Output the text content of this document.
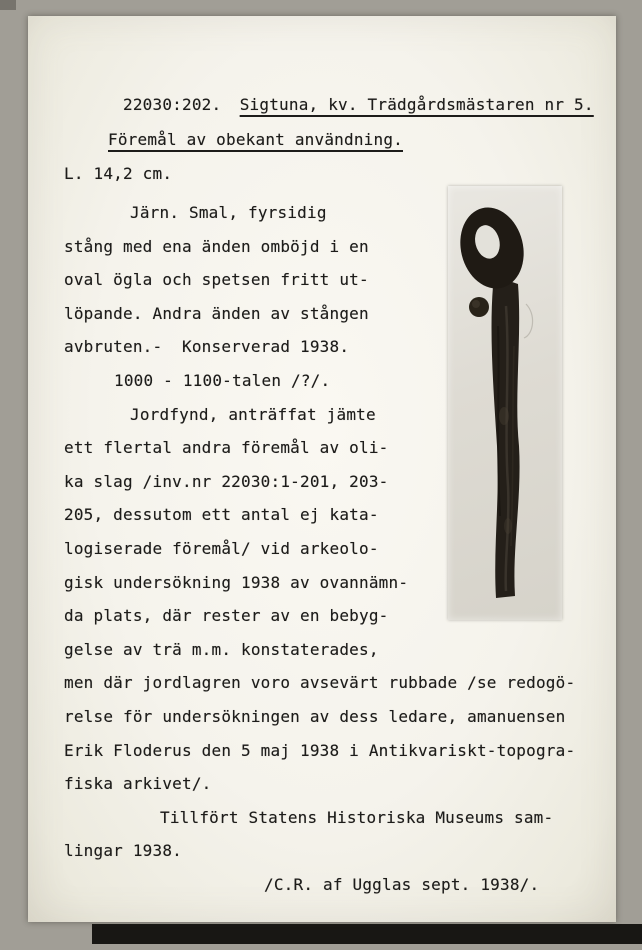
22030:202. Sigtuna, kv. Trädgårdsmästaren nr 5.

Föremål av obekant användning.
L. 14,2 cm.
Järn. Smal, fyrsidig
stång med ena änden omböjd i en
oval ögla och spetsen fritt ut-
löpande. Andra änden av stången
avbruten.-  Konserverad 1938.
1000 - 1100-talen /?/.
Jordfynd, anträffat jämte
ett flertal andra föremål av oli-
ka slag /inv.nr 22030:1-201, 203-
205, dessutom ett antal ej kata-
logiserade föremål/ vid arkeolo-
gisk undersökning 1938 av ovannämn-
da plats, där rester av en bebyg-
gelse av trä m.m. konstaterades,
men där jordlagren voro avsevärt rubbade /se redogö-
relse för undersökningen av dess ledare, amanuensen
Erik Floderus den 5 maj 1938 i Antikvariskt-topogra-
fiska arkivet/.
Tillfört Statens Historiska Museums sam-
lingar 1938.
/C.R. af Ugglas sept. 1938/.
